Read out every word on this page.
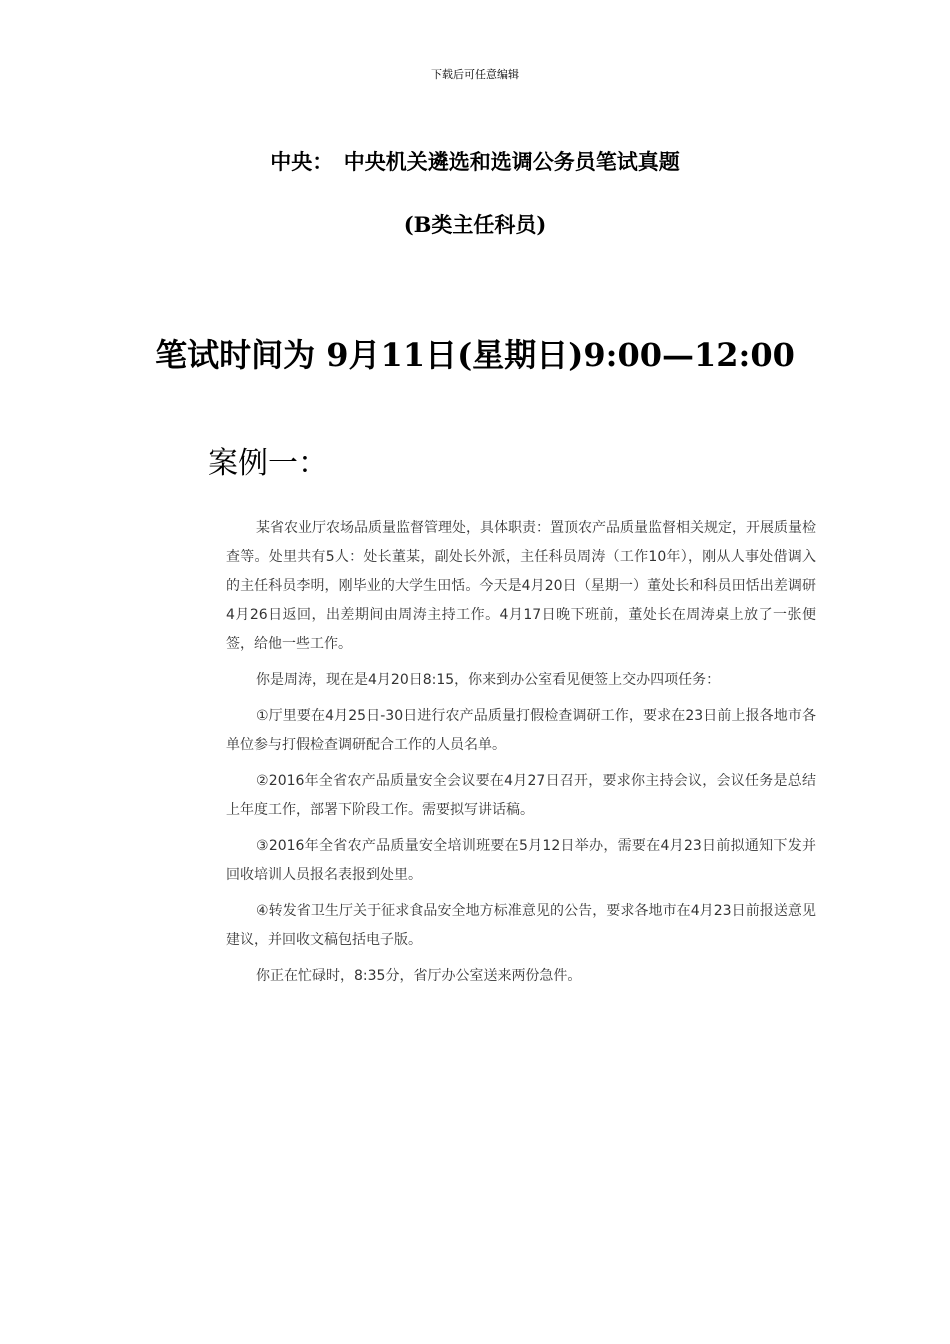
下载后可任意编辑
中央：　中央机关遴选和选调公务员笔试真题
(B类主任科员)
笔试时间为 9月11日(星期日)9:00—12:00
案例一：

某省农业厅农场品质量监督管理处，具体职责：置顶农产品质量监督相关规定，开展质量检查等。处里共有5人：处长董某，副处长外派，主任科员周涛（工作10年），刚从人事处借调入的主任科员李明，刚毕业的大学生田恬。今天是4月20日（星期一）董处长和科员田恬出差调研4月26日返回，出差期间由周涛主持工作。4月17日晚下班前，董处长在周涛桌上放了一张便签，给他一些工作。

你是周涛，现在是4月20日8:15，你来到办公室看见便签上交办四项任务：

①厅里要在4月25日-30日进行农产品质量打假检查调研工作，要求在23日前上报各地市各单位参与打假检查调研配合工作的人员名单。

②2016年全省农产品质量安全会议要在4月27日召开，要求你主持会议，会议任务是总结上年度工作，部署下阶段工作。需要拟写讲话稿。

③2016年全省农产品质量安全培训班要在5月12日举办，需要在4月23日前拟通知下发并回收培训人员报名表报到处里。

④转发省卫生厅关于征求食品安全地方标准意见的公告，要求各地市在4月23日前报送意见建议，并回收文稿包括电子版。

你正在忙碌时，8:35分，省厅办公室送来两份急件。
